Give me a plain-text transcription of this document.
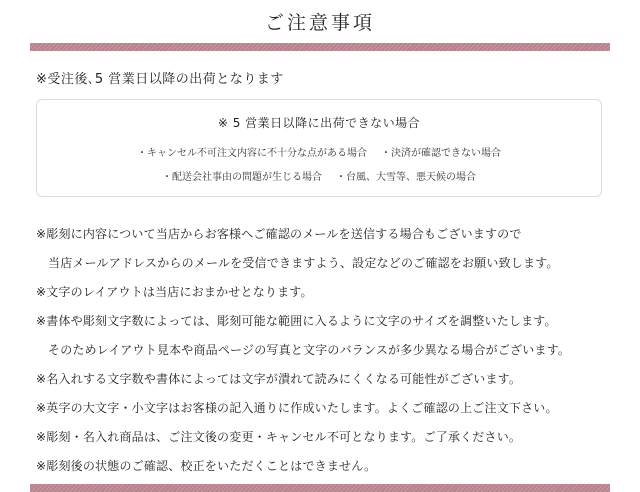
ご注意事項
※受注後､5 営業日以降の出荷となります
※ 5 営業日以降に出荷できない場合
・キャンセル不可注文内容に不十分な点がある場合 ・決済が確認できない場合
・配送会社事由の問題が生じる場合 ・台風、大雪等、悪天候の場合
※彫刻に内容について当店からお客様へご確認のメールを送信する場合もございますので
当店メールアドレスからのメールを受信できますよう、設定などのご確認をお願い致します。
※文字のレイアウトは当店におまかせとなります。
※書体や彫刻文字数によっては、彫刻可能な範囲に入るように文字のサイズを調整いたします。
そのためレイアウト見本や商品ページの写真と文字のバランスが多少異なる場合がございます。
※名入れする文字数や書体によっては文字が潰れて読みにくくなる可能性がございます。
※英字の大文字・小文字はお客様の記入通りに作成いたします。よくご確認の上ご注文下さい。
※彫刻・名入れ商品は、ご注文後の変更・キャンセル不可となります。ご了承ください。
※彫刻後の状態のご確認、校正をいただくことはできません。
